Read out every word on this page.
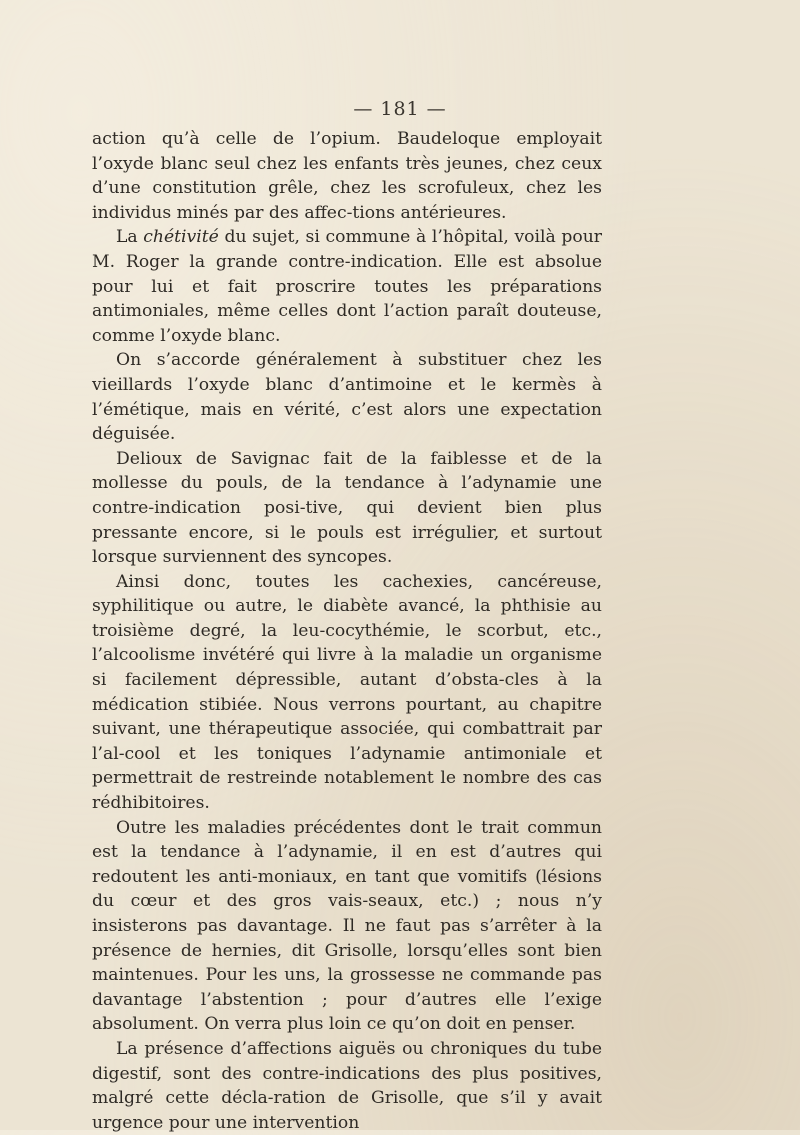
— 181 —

action qu’à celle de l’opium. Baudeloque employait l’oxyde blanc seul chez les enfants très jeunes, chez ceux d’une constitution grêle, chez les scrofuleux, chez les individus minés par des affec-tions antérieures.

La chétivité du sujet, si commune à l’hôpital, voilà pour M. Roger la grande contre-indication. Elle est absolue pour lui et fait proscrire toutes les préparations antimoniales, même celles dont l’action paraît douteuse, comme l’oxyde blanc.

On s’accorde généralement à substituer chez les vieillards l’oxyde blanc d’antimoine et le kermès à l’émétique, mais en vérité, c’est alors une expectation déguisée.

Delioux de Savignac fait de la faiblesse et de la mollesse du pouls, de la tendance à l’adynamie une contre-indication posi-tive, qui devient bien plus pressante encore, si le pouls est irrégulier, et surtout lorsque surviennent des syncopes.

Ainsi donc, toutes les cachexies, cancéreuse, syphilitique ou autre, le diabète avancé, la phthisie au troisième degré, la leu-cocythémie, le scorbut, etc., l’alcoolisme invétéré qui livre à la maladie un organisme si facilement dépressible, autant d’obsta-cles à la médication stibiée. Nous verrons pourtant, au chapitre suivant, une thérapeutique associée, qui combattrait par l’al-cool et les toniques l’adynamie antimoniale et permettrait de restreinde notablement le nombre des cas rédhibitoires.

Outre les maladies précédentes dont le trait commun est la tendance à l’adynamie, il en est d’autres qui redoutent les anti-moniaux, en tant que vomitifs (lésions du cœur et des gros vais-seaux, etc.) ; nous n’y insisterons pas davantage. Il ne faut pas s’arrêter à la présence de hernies, dit Grisolle, lorsqu’elles sont bien maintenues. Pour les uns, la grossesse ne commande pas davantage l’abstention ; pour d’autres elle l’exige absolument. On verra plus loin ce qu’on doit en penser.

La présence d’affections aiguës ou chroniques du tube digestif, sont des contre-indications des plus positives, malgré cette décla-ration de Grisolle, que s’il y avait urgence pour une intervention
